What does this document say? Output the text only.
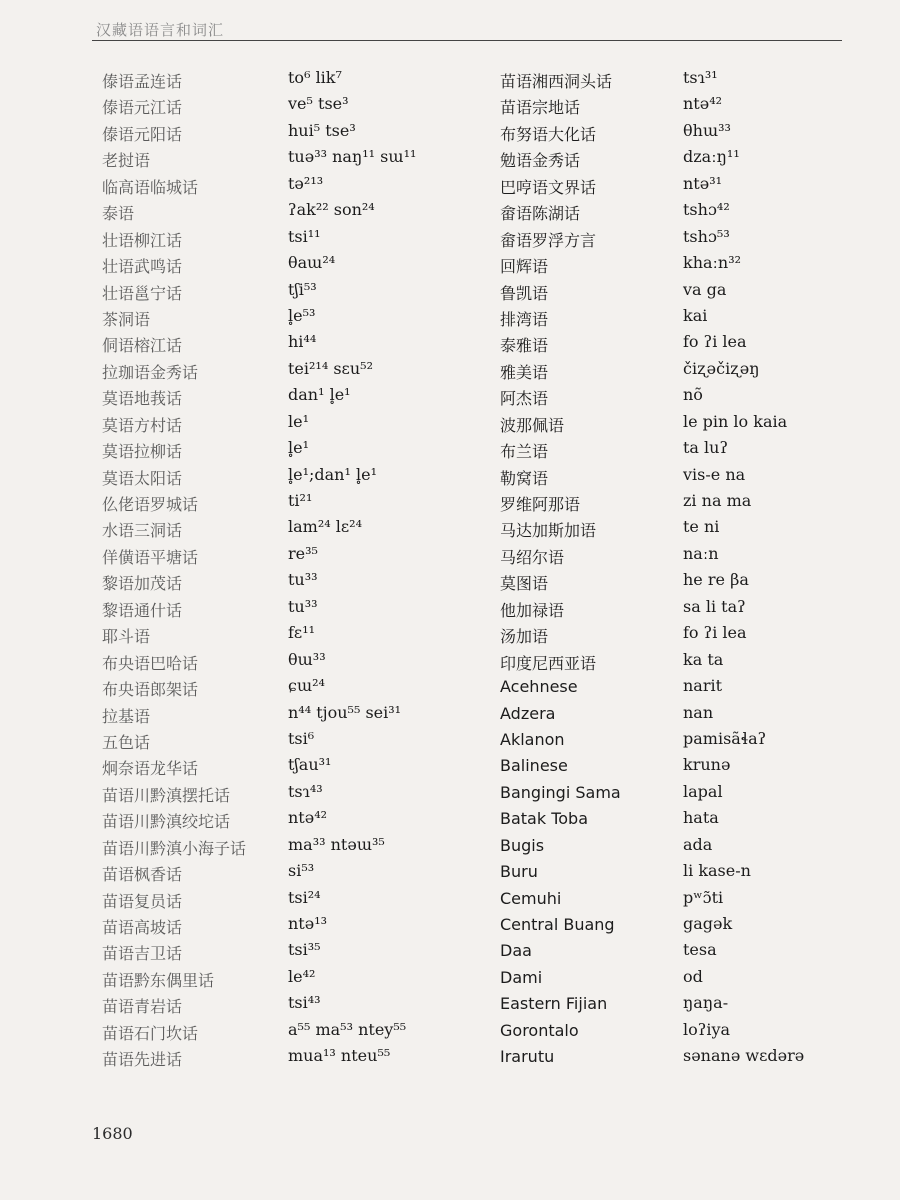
汉藏语语言和词汇
傣语孟连话	to⁶ lik⁷
傣语元江话	ve⁵ tse³
傣语元阳话	hui⁵ tse³
老挝语	tuə³³ naŋ¹¹ sɯ¹¹
临高语临城话	tə²¹³
泰语	ʔak²² son²⁴
壮语柳江话	tsi¹¹
壮语武鸣话	θaɯ²⁴
壮语邕宁话	tʃi⁵³
茶洞语	l̥e⁵³
侗语榕江话	hi⁴⁴
拉珈语金秀话	tei²¹⁴ sɛu⁵²
莫语地莪话	dan¹ l̥e¹
莫语方村话	le¹
莫语拉柳话	l̥e¹
莫语太阳话	l̥e¹;dan¹ l̥e¹
仫佬语罗城话	ti²¹
水语三洞话	lam²⁴ lɛ²⁴
佯僙语平塘话	re³⁵
黎语加茂话	tu³³
黎语通什话	tu³³
耶斗语	fɛ¹¹
布央语巴哈话	θɯ³³
布央语郎架话	ɕɯ²⁴
拉基语	n⁴⁴ tjou⁵⁵ sei³¹
五色话	tsi⁶
炯奈语龙华话	tʃau³¹
苗语川黔滇摆托话	tsɿ⁴³
苗语川黔滇绞坨话	ntə⁴²
苗语川黔滇小海子话	ma³³ ntəɯ³⁵
苗语枫香话	si⁵³
苗语复员话	tsi²⁴
苗语高坡话	ntə¹³
苗语吉卫话	tsi³⁵
苗语黔东偶里话	le⁴²
苗语青岩话	tsi⁴³
苗语石门坎话	a⁵⁵ ma⁵³ ntey⁵⁵
苗语先进话	mua¹³ nteu⁵⁵
苗语湘西洞头话	tsɿ³¹
苗语宗地话	ntə⁴²
布努语大化话	θhɯ³³
勉语金秀话	dzaːŋ¹¹
巴哼语文界话	ntə³¹
畲语陈湖话	tshɔ⁴²
畲语罗浮方言	tshɔ⁵³
回辉语	khaːn³²
鲁凯语	va ga
排湾语	kai
泰雅语	fo ʔi lea
雅美语	čiʐəčiʐəŋ
阿杰语	nõ
波那佩语	le pin lo kaia
布兰语	ta luʔ
勒窝语	vis-e na
罗维阿那语	zi na ma
马达加斯加语	te ni
马绍尔语	naːn
莫图语	he re βa
他加禄语	sa li taʔ
汤加语	fo ʔi lea
印度尼西亚语	ka ta
Acehnese	narit
Adzera	nan
Aklanon	pamisãɬaʔ
Balinese	krunə
Bangingi Sama	lapal
Batak Toba	hata
Bugis	ada
Buru	li kase-n
Cemuhi	pʷɔ̃ti
Central Buang	gagək
Daa	tesa
Dami	od
Eastern Fijian	ŋaŋa-
Gorontalo	loʔiya
Irarutu	sənanə wɛdərə
1680
